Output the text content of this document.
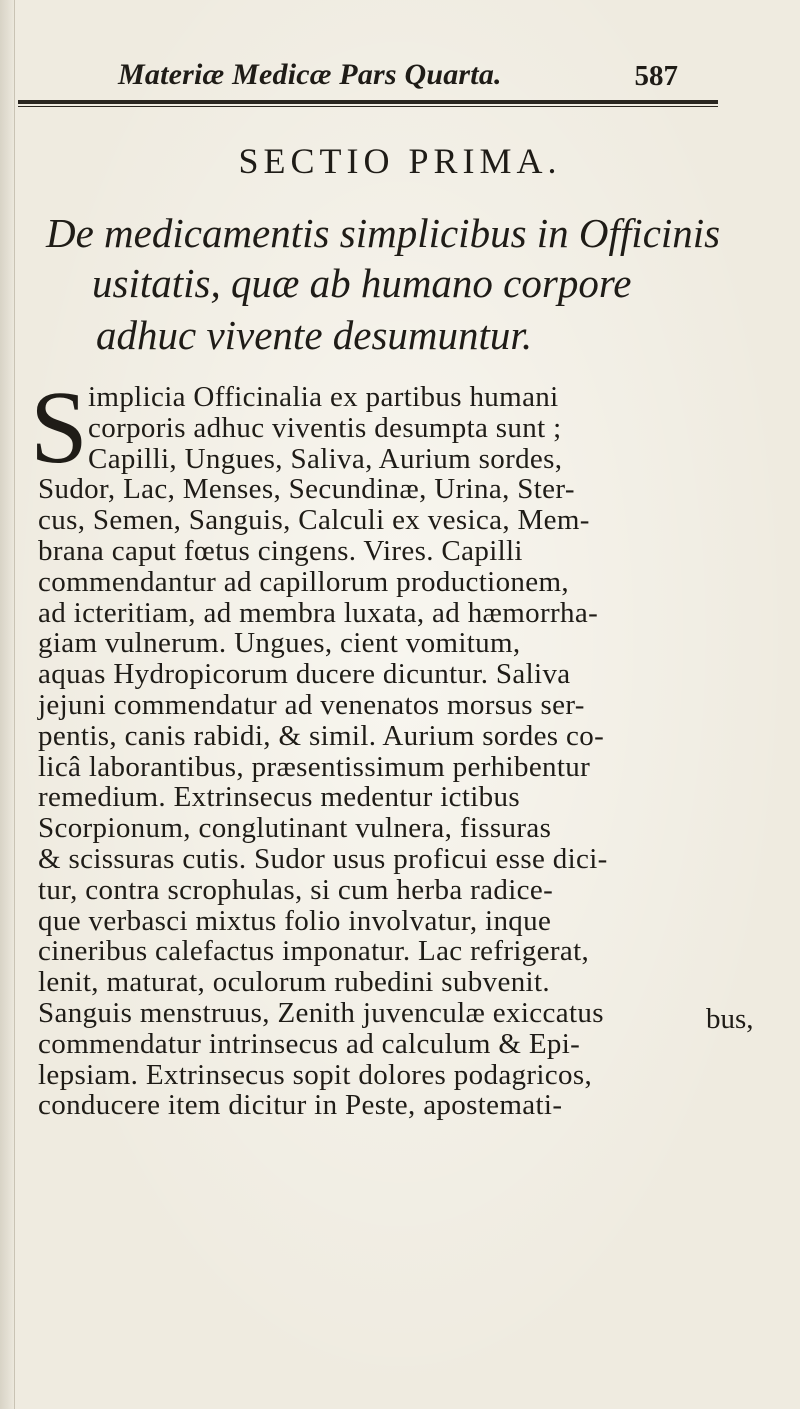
Materiæ Medicæ Pars Quarta.	587
SECTIO PRIMA.
De medicamentis simplicibus in Officinis
usitatis, quæ ab humano corpore
adhuc vivente desumuntur.
S implicia Officinalia ex partibus humani
corporis adhuc viventis desumpta sunt ;
Capilli, Ungues, Saliva, Aurium sordes,
Sudor, Lac, Menses, Secundinæ, Urina, Ster-
cus, Semen, Sanguis, Calculi ex vesica, Mem-
brana caput fœtus cingens. Vires. Capilli
commendantur ad capillorum productionem,
ad icteritiam, ad membra luxata, ad hæmorrha-
giam vulnerum. Ungues, cient vomitum,
aquas Hydropicorum ducere dicuntur. Saliva
jejuni commendatur ad venenatos morsus ser-
pentis, canis rabidi, & simil. Aurium sordes co-
licâ laborantibus, præsentissimum perhibentur
remedium. Extrinsecus medentur ictibus
Scorpionum, conglutinant vulnera, fissuras
& scissuras cutis. Sudor usus proficui esse dici-
tur, contra scrophulas, si cum herba radice-
que verbasci mixtus folio involvatur, inque
cineribus calefactus imponatur. Lac refrigerat,
lenit, maturat, oculorum rubedini subvenit.
Sanguis menstruus, Zenith juvenculæ exiccatus
commendatur intrinsecus ad calculum & Epi-
lepsiam. Extrinsecus sopit dolores podagricos,
conducere item dicitur in Peste, apostemati-
bus,
